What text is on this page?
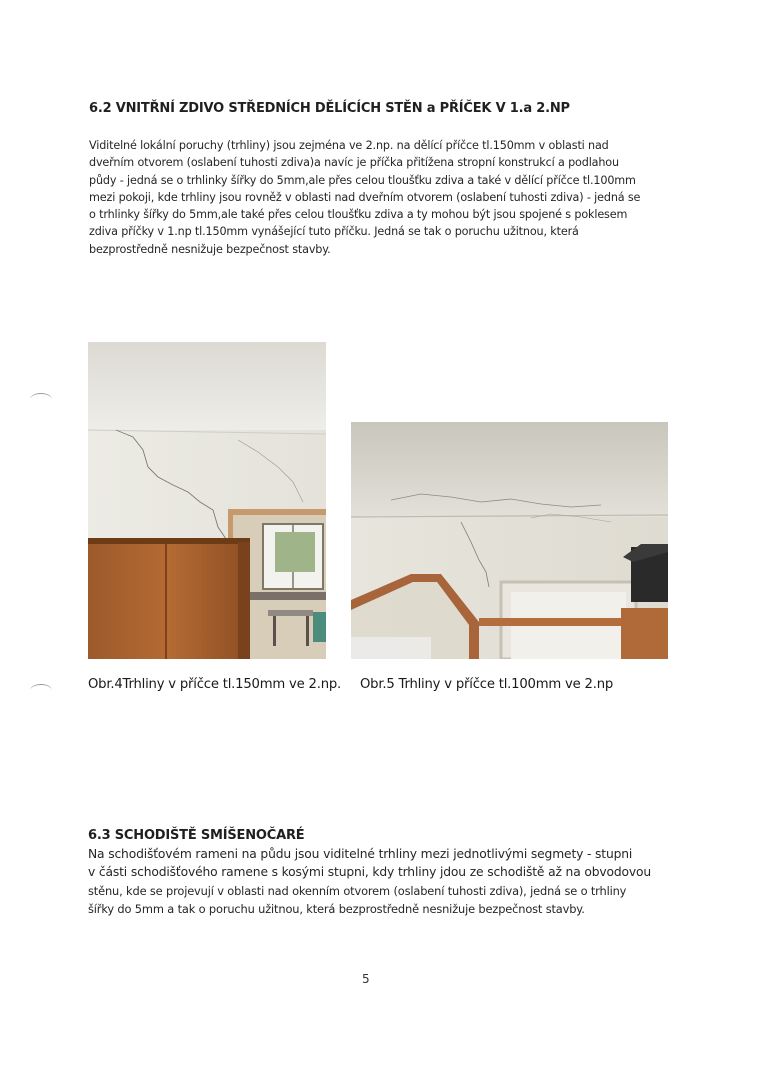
6.2 VNITŘNÍ ZDIVO STŘEDNÍCH DĚLÍCÍCH STĚN a PŘÍČEK V 1.a 2.NP
Viditelné lokální poruchy (trhliny) jsou zejména ve 2.np. na dělící příčce tl.150mm v oblasti nad
dveřním otvorem (oslabení tuhosti zdiva)a navíc je příčka přitížena stropní konstrukcí a podlahou
půdy - jedná se o trhlinky šířky do 5mm,ale přes celou tloušťku zdiva a také v dělící příčce tl.100mm
mezi pokoji, kde trhliny jsou rovněž v oblasti nad dveřním otvorem (oslabení tuhosti zdiva) - jedná se
o trhlinky šířky do 5mm,ale také přes celou tloušťku zdiva a ty mohou být jsou spojené s poklesem
zdiva příčky v 1.np tl.150mm vynášející tuto příčku. Jedná se tak o poruchu užitnou, která
bezprostředně nesnižuje bezpečnost stavby.
Obr.4Trhliny v příčce tl.150mm ve 2.np. Obr.5 Trhliny v příčce tl.100mm ve 2.np
6.3 SCHODIŠTĚ SMÍŠENOČARÉ
Na schodišťovém rameni na půdu jsou viditelné trhliny mezi jednotlivými segmety - stupni
v části schodišťového ramene s kosými stupni, kdy trhliny jdou ze schodiště až na obvodovou
stěnu, kde se projevují v oblasti nad okenním otvorem (oslabení tuhosti zdiva), jedná se o trhliny
šířky do 5mm a tak o poruchu užitnou, která bezprostředně nesnižuje bezpečnost stavby.
5
